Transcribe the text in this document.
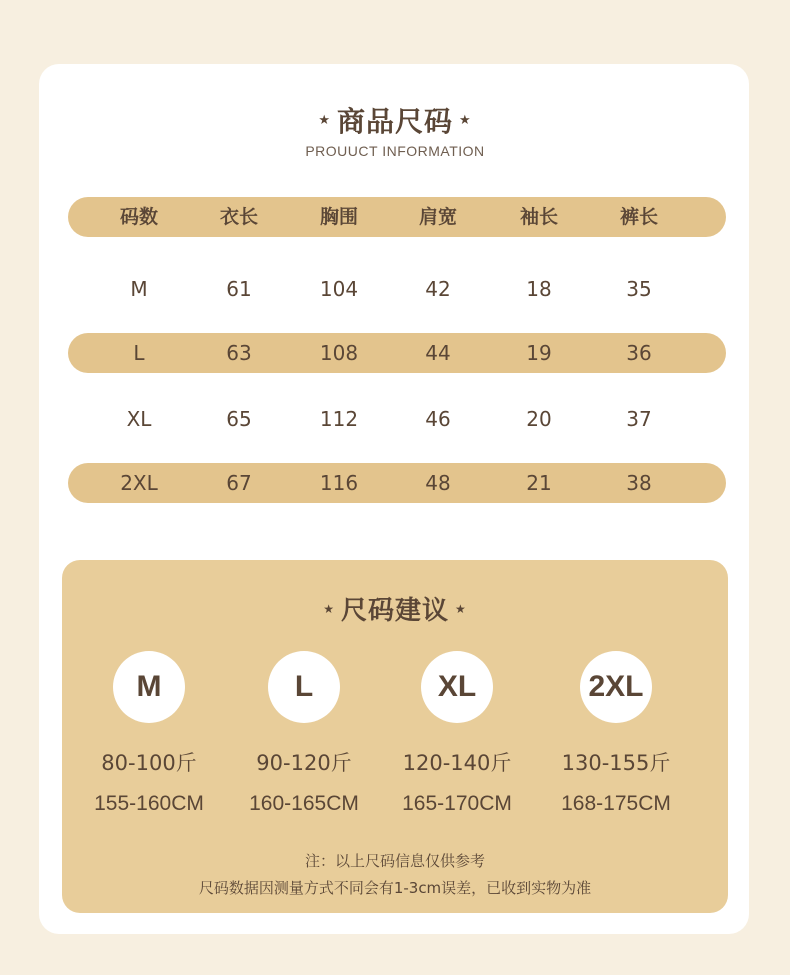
★ 商品尺码 ★
PROUUCT INFORMATION
码数	衣长	胸围	肩宽	袖长	裤长
M	61	104	42	18	35
L	63	108	44	19	36
XL	65	112	46	20	37
2XL	67	116	48	21	38
★ 尺码建议 ★
M	L	XL	2XL
80-100斤	90-120斤	120-140斤	130-155斤
155-160CM	160-165CM	165-170CM	168-175CM
注：以上尺码信息仅供参考
尺码数据因测量方式不同会有1-3cm误差，已收到实物为准
